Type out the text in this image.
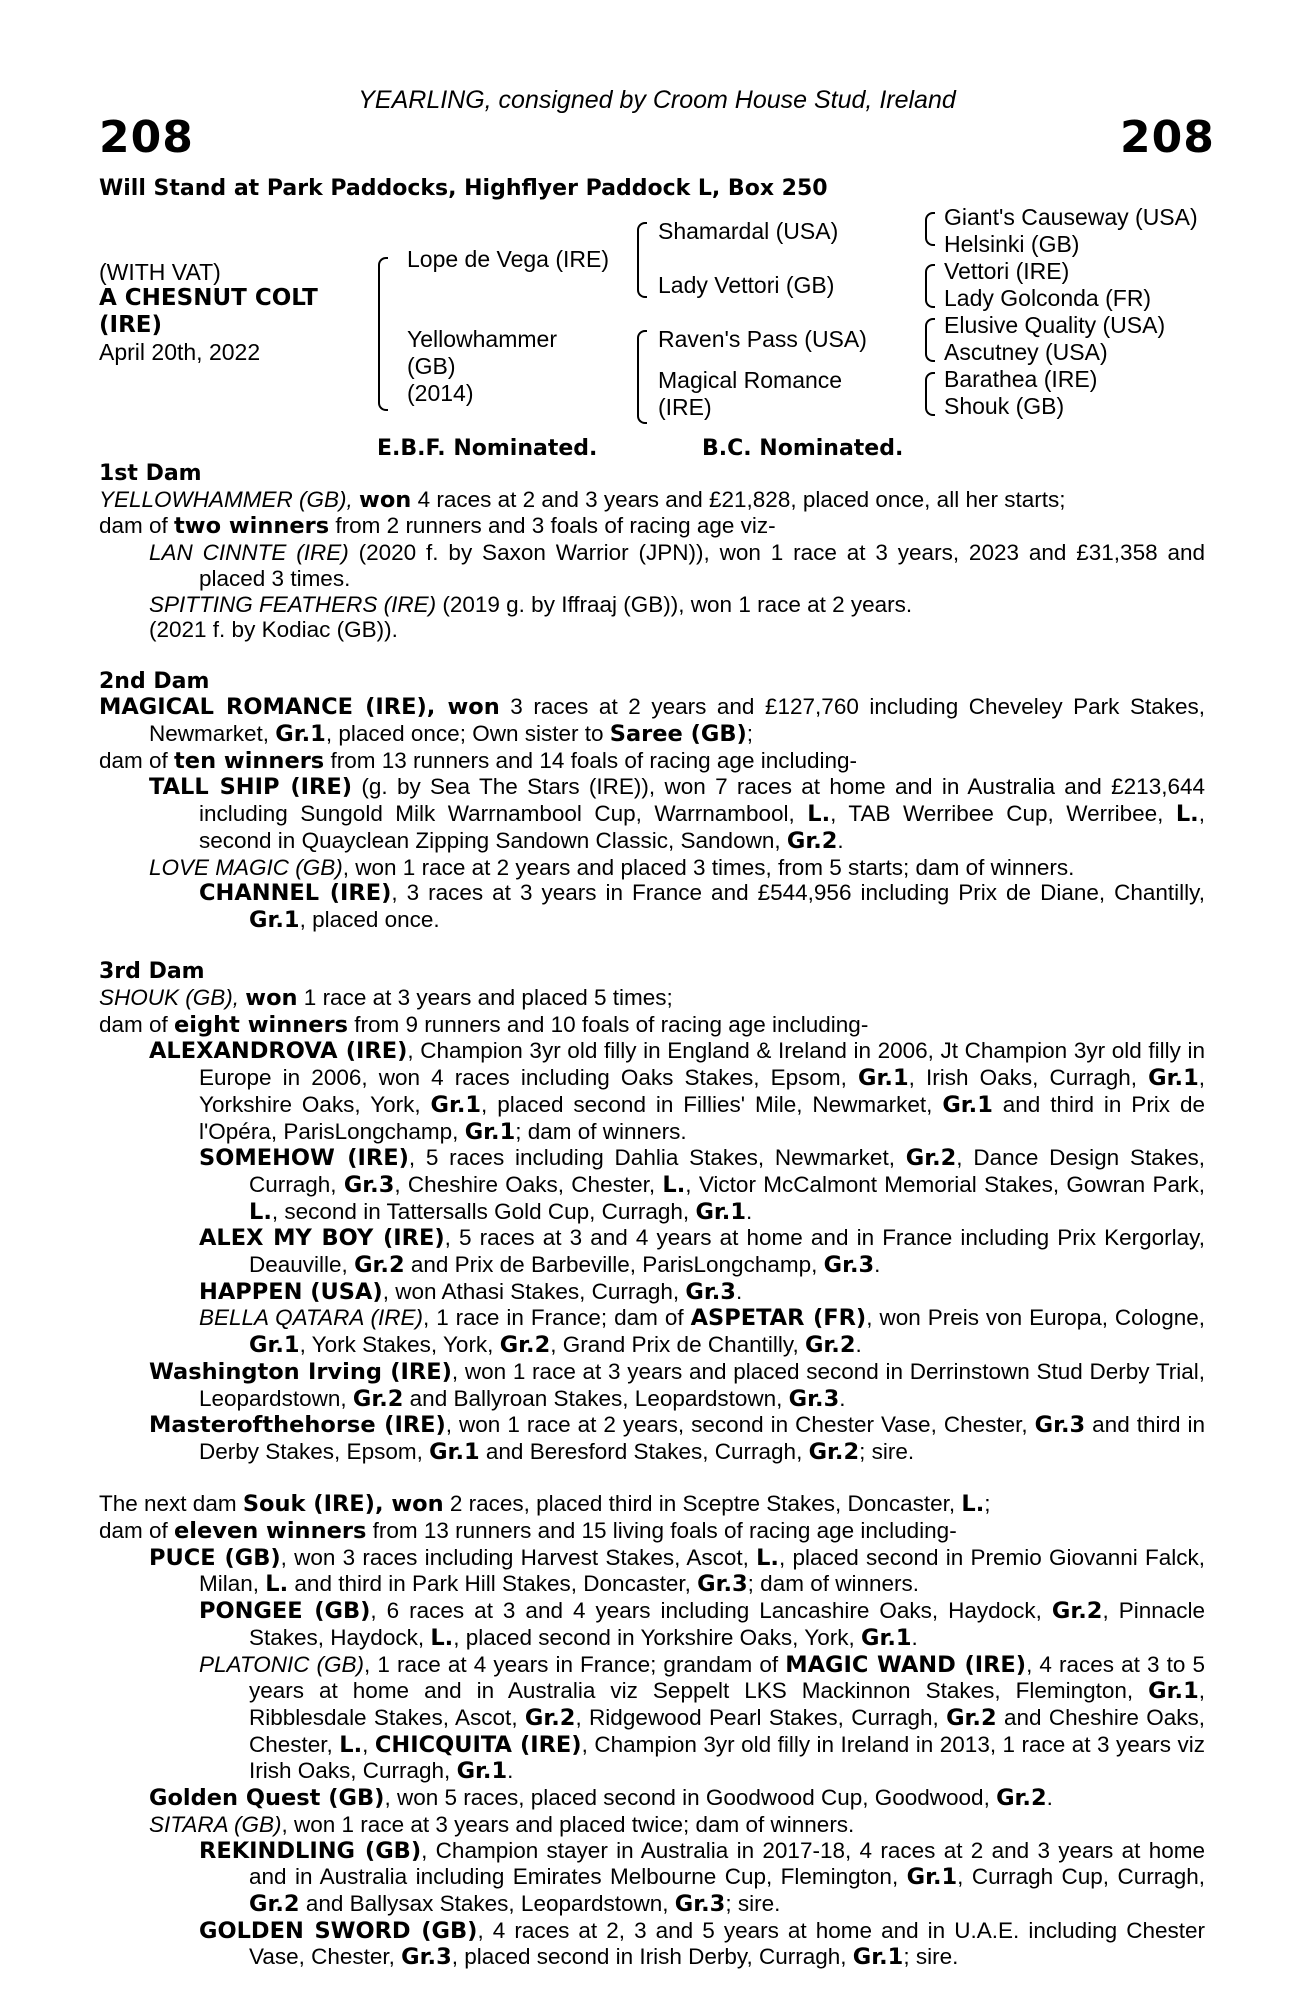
YEARLING, consigned by Croom House Stud, Ireland
208	208
Will Stand at Park Paddocks, Highflyer Paddock L, Box 250
(WITH VAT)
A CHESNUT COLT
(IRE)
April 20th, 2022
Lope de Vega (IRE)
Yellowhammer
(GB)
(2014)
Shamardal (USA)
Lady Vettori (GB)
Raven's Pass (USA)
Magical Romance
(IRE)
Giant's Causeway (USA)
Helsinki (GB)
Vettori (IRE)
Lady Golconda (FR)
Elusive Quality (USA)
Ascutney (USA)
Barathea (IRE)
Shouk (GB)
E.B.F. Nominated.	B.C. Nominated.
1st Dam

YELLOWHAMMER (GB), won 4 races at 2 and 3 years and £21,828, placed once, all her starts;

dam of two winners from 2 runners and 3 foals of racing age viz-

LAN CINNTE (IRE) (2020 f. by Saxon Warrior (JPN)), won 1 race at 3 years, 2023 and £31,358 and placed 3 times.

SPITTING FEATHERS (IRE) (2019 g. by Iffraaj (GB)), won 1 race at 2 years.

(2021 f. by Kodiac (GB)).

2nd Dam

MAGICAL ROMANCE (IRE), won 3 races at 2 years and £127,760 including Cheveley Park Stakes, Newmarket, Gr.1, placed once; Own sister to Saree (GB);

dam of ten winners from 13 runners and 14 foals of racing age including-

TALL SHIP (IRE) (g. by Sea The Stars (IRE)), won 7 races at home and in Australia and £213,644 including Sungold Milk Warrnambool Cup, Warrnambool, L., TAB Werribee Cup, Werribee, L., second in Quayclean Zipping Sandown Classic, Sandown, Gr.2.

LOVE MAGIC (GB), won 1 race at 2 years and placed 3 times, from 5 starts; dam of winners.

CHANNEL (IRE), 3 races at 3 years in France and £544,956 including Prix de Diane, Chantilly, Gr.1, placed once.

3rd Dam

SHOUK (GB), won 1 race at 3 years and placed 5 times;

dam of eight winners from 9 runners and 10 foals of racing age including-

ALEXANDROVA (IRE), Champion 3yr old filly in England & Ireland in 2006, Jt Champion 3yr old filly in Europe in 2006, won 4 races including Oaks Stakes, Epsom, Gr.1, Irish Oaks, Curragh, Gr.1, Yorkshire Oaks, York, Gr.1, placed second in Fillies' Mile, Newmarket, Gr.1 and third in Prix de l'Opéra, ParisLongchamp, Gr.1; dam of winners.

SOMEHOW (IRE), 5 races including Dahlia Stakes, Newmarket, Gr.2, Dance Design Stakes, Curragh, Gr.3, Cheshire Oaks, Chester, L., Victor McCalmont Memorial Stakes, Gowran Park, L., second in Tattersalls Gold Cup, Curragh, Gr.1.

ALEX MY BOY (IRE), 5 races at 3 and 4 years at home and in France including Prix Kergorlay, Deauville, Gr.2 and Prix de Barbeville, ParisLongchamp, Gr.3.

HAPPEN (USA), won Athasi Stakes, Curragh, Gr.3.

BELLA QATARA (IRE), 1 race in France; dam of ASPETAR (FR), won Preis von Europa, Cologne, Gr.1, York Stakes, York, Gr.2, Grand Prix de Chantilly, Gr.2.

Washington Irving (IRE), won 1 race at 3 years and placed second in Derrinstown Stud Derby Trial, Leopardstown, Gr.2 and Ballyroan Stakes, Leopardstown, Gr.3.

Masterofthehorse (IRE), won 1 race at 2 years, second in Chester Vase, Chester, Gr.3 and third in Derby Stakes, Epsom, Gr.1 and Beresford Stakes, Curragh, Gr.2; sire.

The next dam Souk (IRE), won 2 races, placed third in Sceptre Stakes, Doncaster, L.;

dam of eleven winners from 13 runners and 15 living foals of racing age including-

PUCE (GB), won 3 races including Harvest Stakes, Ascot, L., placed second in Premio Giovanni Falck, Milan, L. and third in Park Hill Stakes, Doncaster, Gr.3; dam of winners.

PONGEE (GB), 6 races at 3 and 4 years including Lancashire Oaks, Haydock, Gr.2, Pinnacle Stakes, Haydock, L., placed second in Yorkshire Oaks, York, Gr.1.

PLATONIC (GB), 1 race at 4 years in France; grandam of MAGIC WAND (IRE), 4 races at 3 to 5 years at home and in Australia viz Seppelt LKS Mackinnon Stakes, Flemington, Gr.1, Ribblesdale Stakes, Ascot, Gr.2, Ridgewood Pearl Stakes, Curragh, Gr.2 and Cheshire Oaks, Chester, L., CHICQUITA (IRE), Champion 3yr old filly in Ireland in 2013, 1 race at 3 years viz Irish Oaks, Curragh, Gr.1.

Golden Quest (GB), won 5 races, placed second in Goodwood Cup, Goodwood, Gr.2.

SITARA (GB), won 1 race at 3 years and placed twice; dam of winners.

REKINDLING (GB), Champion stayer in Australia in 2017-18, 4 races at 2 and 3 years at home and in Australia including Emirates Melbourne Cup, Flemington, Gr.1, Curragh Cup, Curragh, Gr.2 and Ballysax Stakes, Leopardstown, Gr.3; sire.

GOLDEN SWORD (GB), 4 races at 2, 3 and 5 years at home and in U.A.E. including Chester Vase, Chester, Gr.3, placed second in Irish Derby, Curragh, Gr.1; sire.
